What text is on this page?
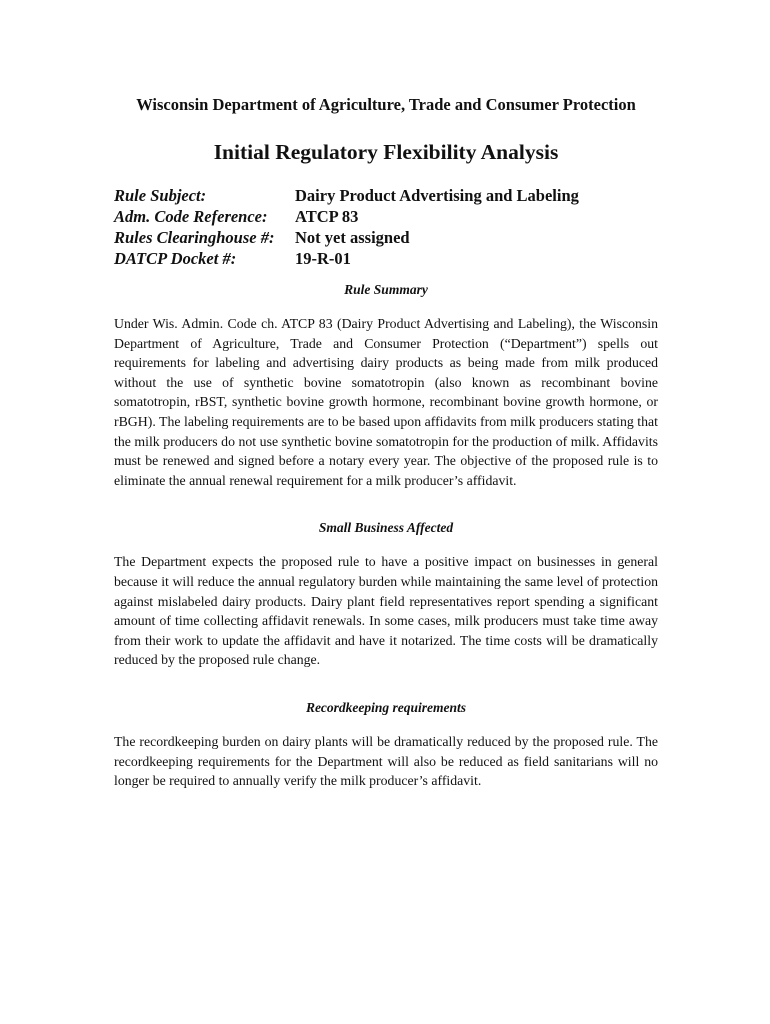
Wisconsin Department of Agriculture, Trade and Consumer Protection
Initial Regulatory Flexibility Analysis
Rule Subject:	Dairy Product Advertising and Labeling
Adm. Code Reference:	ATCP 83
Rules Clearinghouse #:	Not yet assigned
DATCP Docket #:	19-R-01
Rule Summary

Under Wis. Admin. Code ch. ATCP 83 (Dairy Product Advertising and Labeling), the Wisconsin Department of Agriculture, Trade and Consumer Protection (“Department”) spells out requirements for labeling and advertising dairy products as being made from milk produced without the use of synthetic bovine somatotropin (also known as recombinant bovine somatotropin, rBST, synthetic bovine growth hormone, recombinant bovine growth hormone, or rBGH). The labeling requirements are to be based upon affidavits from milk producers stating that the milk producers do not use synthetic bovine somatotropin for the production of milk. Affidavits must be renewed and signed before a notary every year. The objective of the proposed rule is to eliminate the annual renewal requirement for a milk producer’s affidavit.

Small Business Affected

The Department expects the proposed rule to have a positive impact on businesses in general because it will reduce the annual regulatory burden while maintaining the same level of protection against mislabeled dairy products. Dairy plant field representatives report spending a significant amount of time collecting affidavit renewals. In some cases, milk producers must take time away from their work to update the affidavit and have it notarized. The time costs will be dramatically reduced by the proposed rule change.

Recordkeeping requirements

The recordkeeping burden on dairy plants will be dramatically reduced by the proposed rule. The recordkeeping requirements for the Department will also be reduced as field sanitarians will no longer be required to annually verify the milk producer’s affidavit.
